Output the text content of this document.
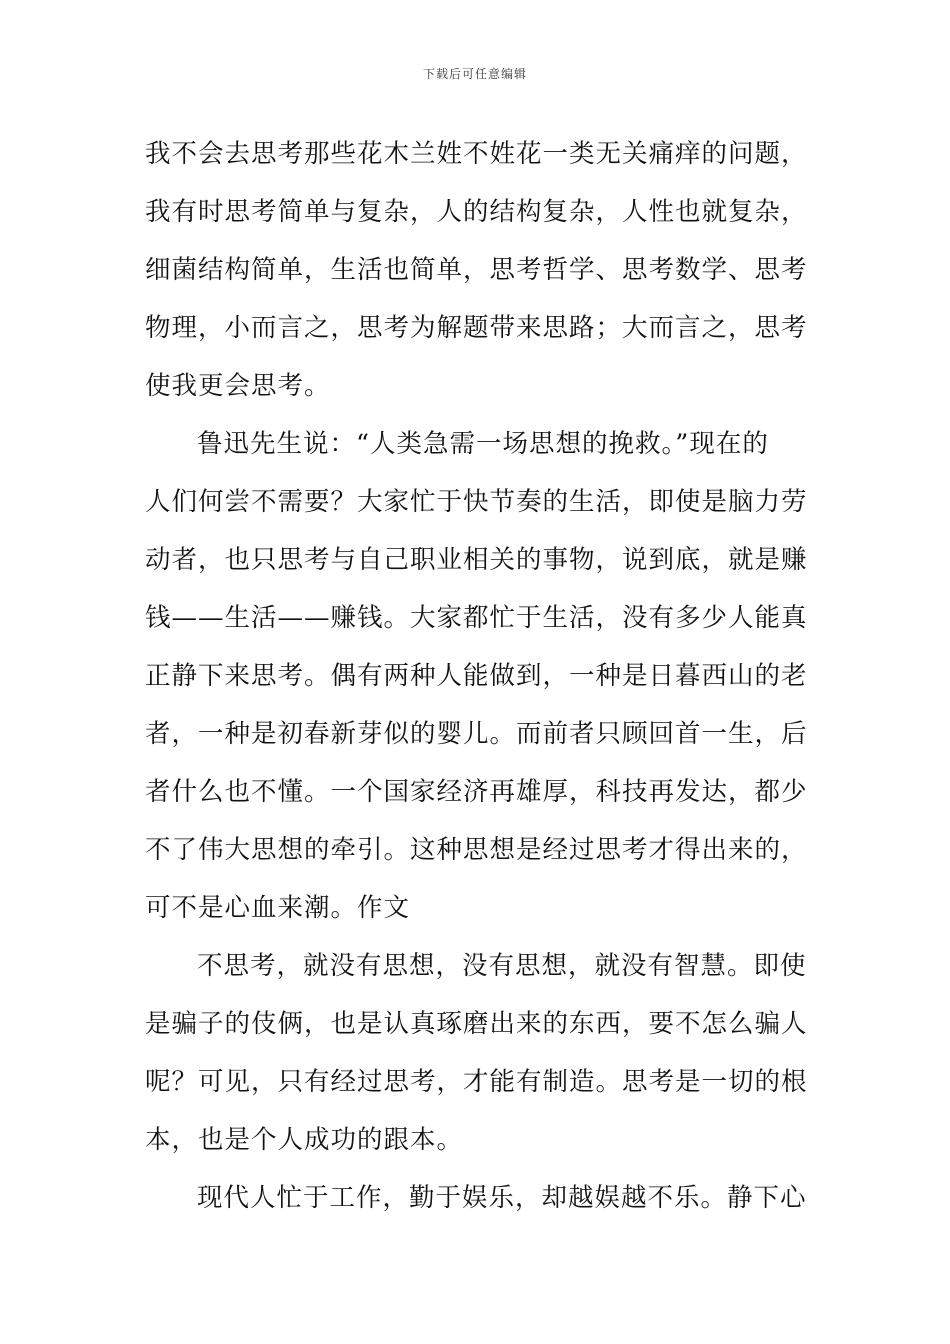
下载后可任意编辑
我不会去思考那些花木兰姓不姓花一类无关痛痒的问题，
我有时思考简单与复杂，人的结构复杂，人性也就复杂，
细菌结构简单，生活也简单，思考哲学、思考数学、思考
物理，小而言之，思考为解题带来思路；大而言之，思考
使我更会思考。
鲁迅先生说：“人类急需一场思想的挽救。”现在的
人们何尝不需要？大家忙于快节奏的生活，即使是脑力劳
动者，也只思考与自己职业相关的事物，说到底，就是赚
钱——生活——赚钱。大家都忙于生活，没有多少人能真
正静下来思考。偶有两种人能做到，一种是日暮西山的老
者，一种是初春新芽似的婴儿。而前者只顾回首一生，后
者什么也不懂。一个国家经济再雄厚，科技再发达，都少
不了伟大思想的牵引。这种思想是经过思考才得出来的，
可不是心血来潮。作文
不思考，就没有思想，没有思想，就没有智慧。即使
是骗子的伎俩，也是认真琢磨出来的东西，要不怎么骗人
呢？可见，只有经过思考，才能有制造。思考是一切的根
本，也是个人成功的跟本。
现代人忙于工作，勤于娱乐，却越娱越不乐。静下心
